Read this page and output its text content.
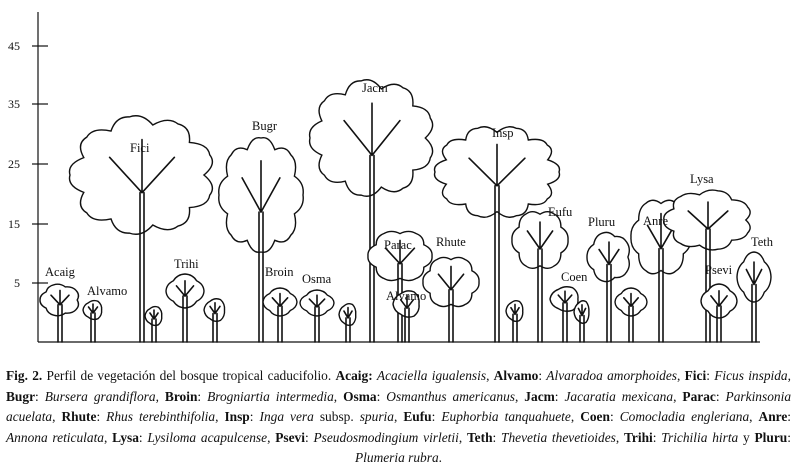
45
35
25
15
5
Acaig
Alvamo
Fici
Trihi
Bugr
Broin Osma
Jacm
Parac
Alvamo
Rhute
Insp
Eufu
Coen
Pluru Anre
Lysa
Psevi
Teth
Fig. 2. Perfil de vegetación del bosque tropical caducifolio. Acaig: Acaciella igualensis, Alvamo: Alvaradoa amorphoides, Fici: Ficus inspida, Bugr: Bursera grandiflora, Broin: Brogniartia intermedia, Osma: Osmanthus americanus, Jacm: Jacaratia mexicana, Parac: Parkinsonia acuelata, Rhute: Rhus terebinthifolia, Insp: Inga vera subsp. spuria, Eufu: Euphorbia tanquahuete, Coen: Comocladia engleriana, Anre: Annona reticulata, Lysa: Lysiloma acapulcense, Psevi: Pseudosmodingium virletii, Teth: Thevetia thevetioides, Trihi: Trichilia hirta y Pluru: Plumeria rubra.
